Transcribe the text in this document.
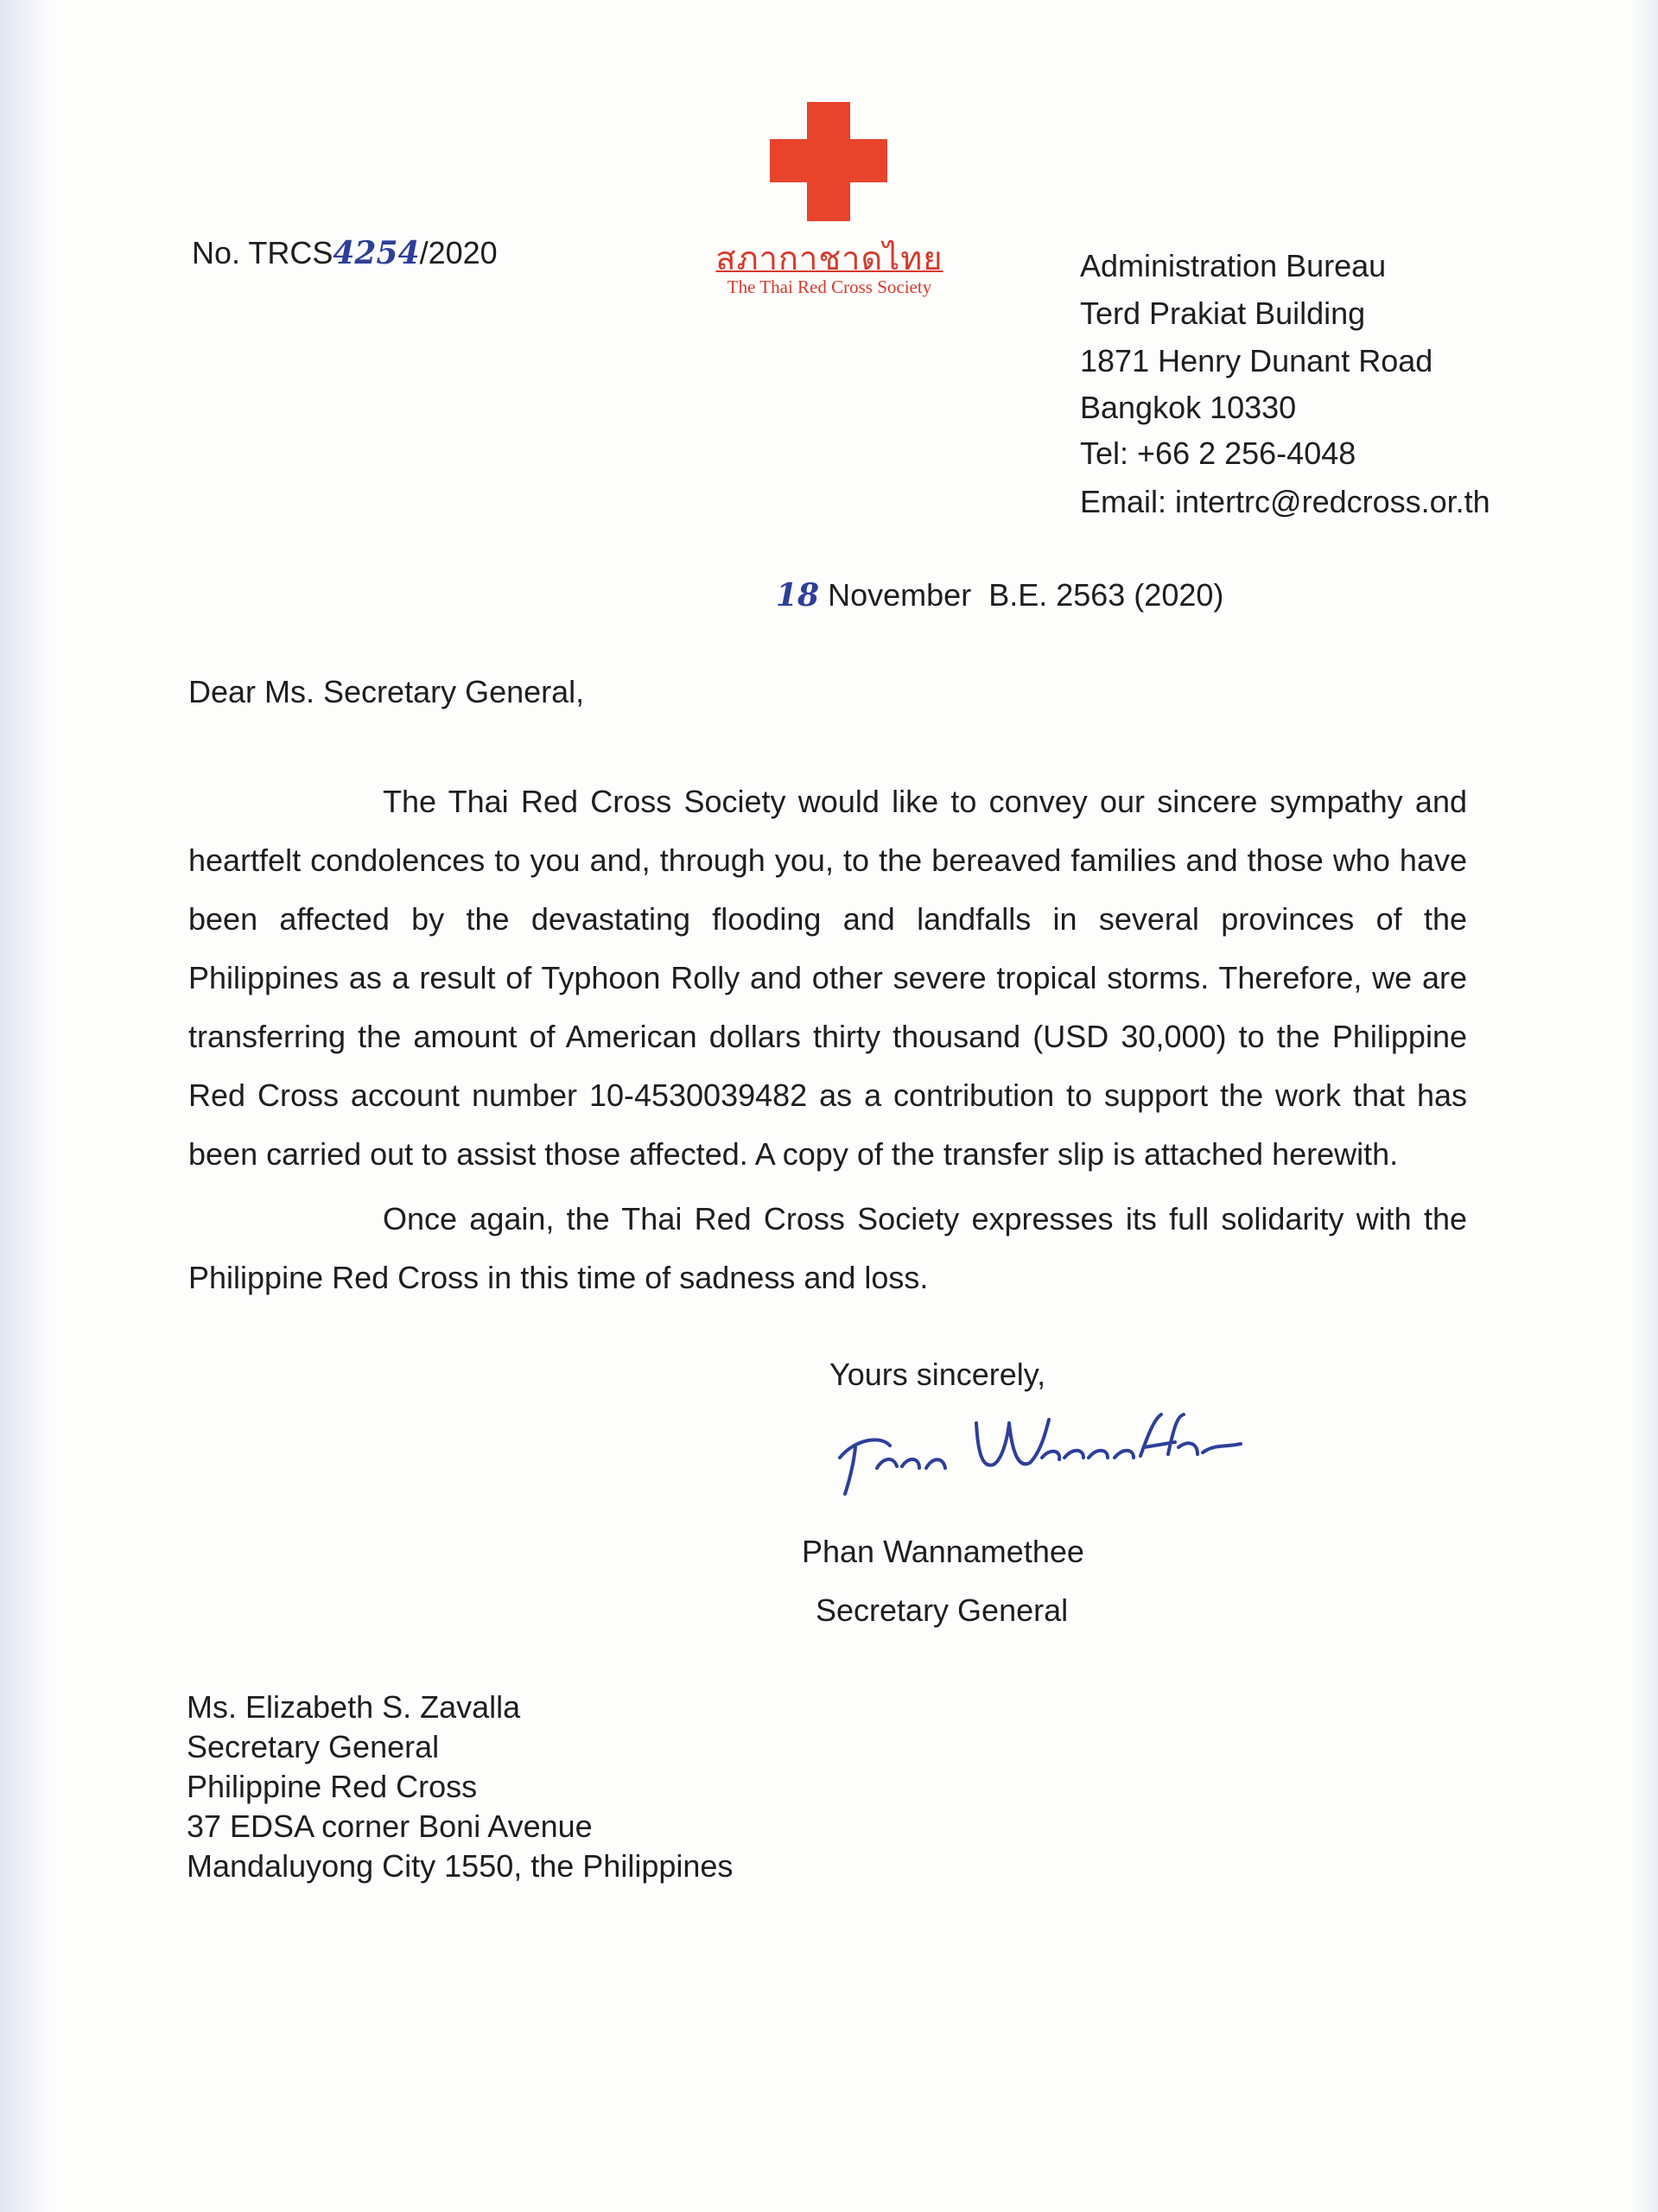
No. TRCS4254/2020	สภากาชาดไทย
The Thai Red Cross Society
Administration Bureau
Terd Prakiat Building
1871 Henry Dunant Road
Bangkok 10330
Tel: +66 2 256-4048
Email: intertrc@redcross.or.th
18 November  B.E. 2563 (2020)
Dear Ms. Secretary General,

The Thai Red Cross Society would like to convey our sincere sympathy and heartfelt condolences to you and, through you, to the bereaved families and those who have been affected by the devastating flooding and landfalls in several provinces of the Philippines as a result of Typhoon Rolly and other severe tropical storms. Therefore, we are transferring the amount of American dollars thirty thousand (USD 30,000) to the Philippine Red Cross account number 10-4530039482 as a contribution to support the work that has been carried out to assist those affected. A copy of the transfer slip is attached herewith.

Once again, the Thai Red Cross Society expresses its full solidarity with the Philippine Red Cross in this time of sadness and loss.

Yours sincerely,
Phan Wannamethee
Secretary General
Ms. Elizabeth S. Zavalla
Secretary General
Philippine Red Cross
37 EDSA corner Boni Avenue
Mandaluyong City 1550, the Philippines
